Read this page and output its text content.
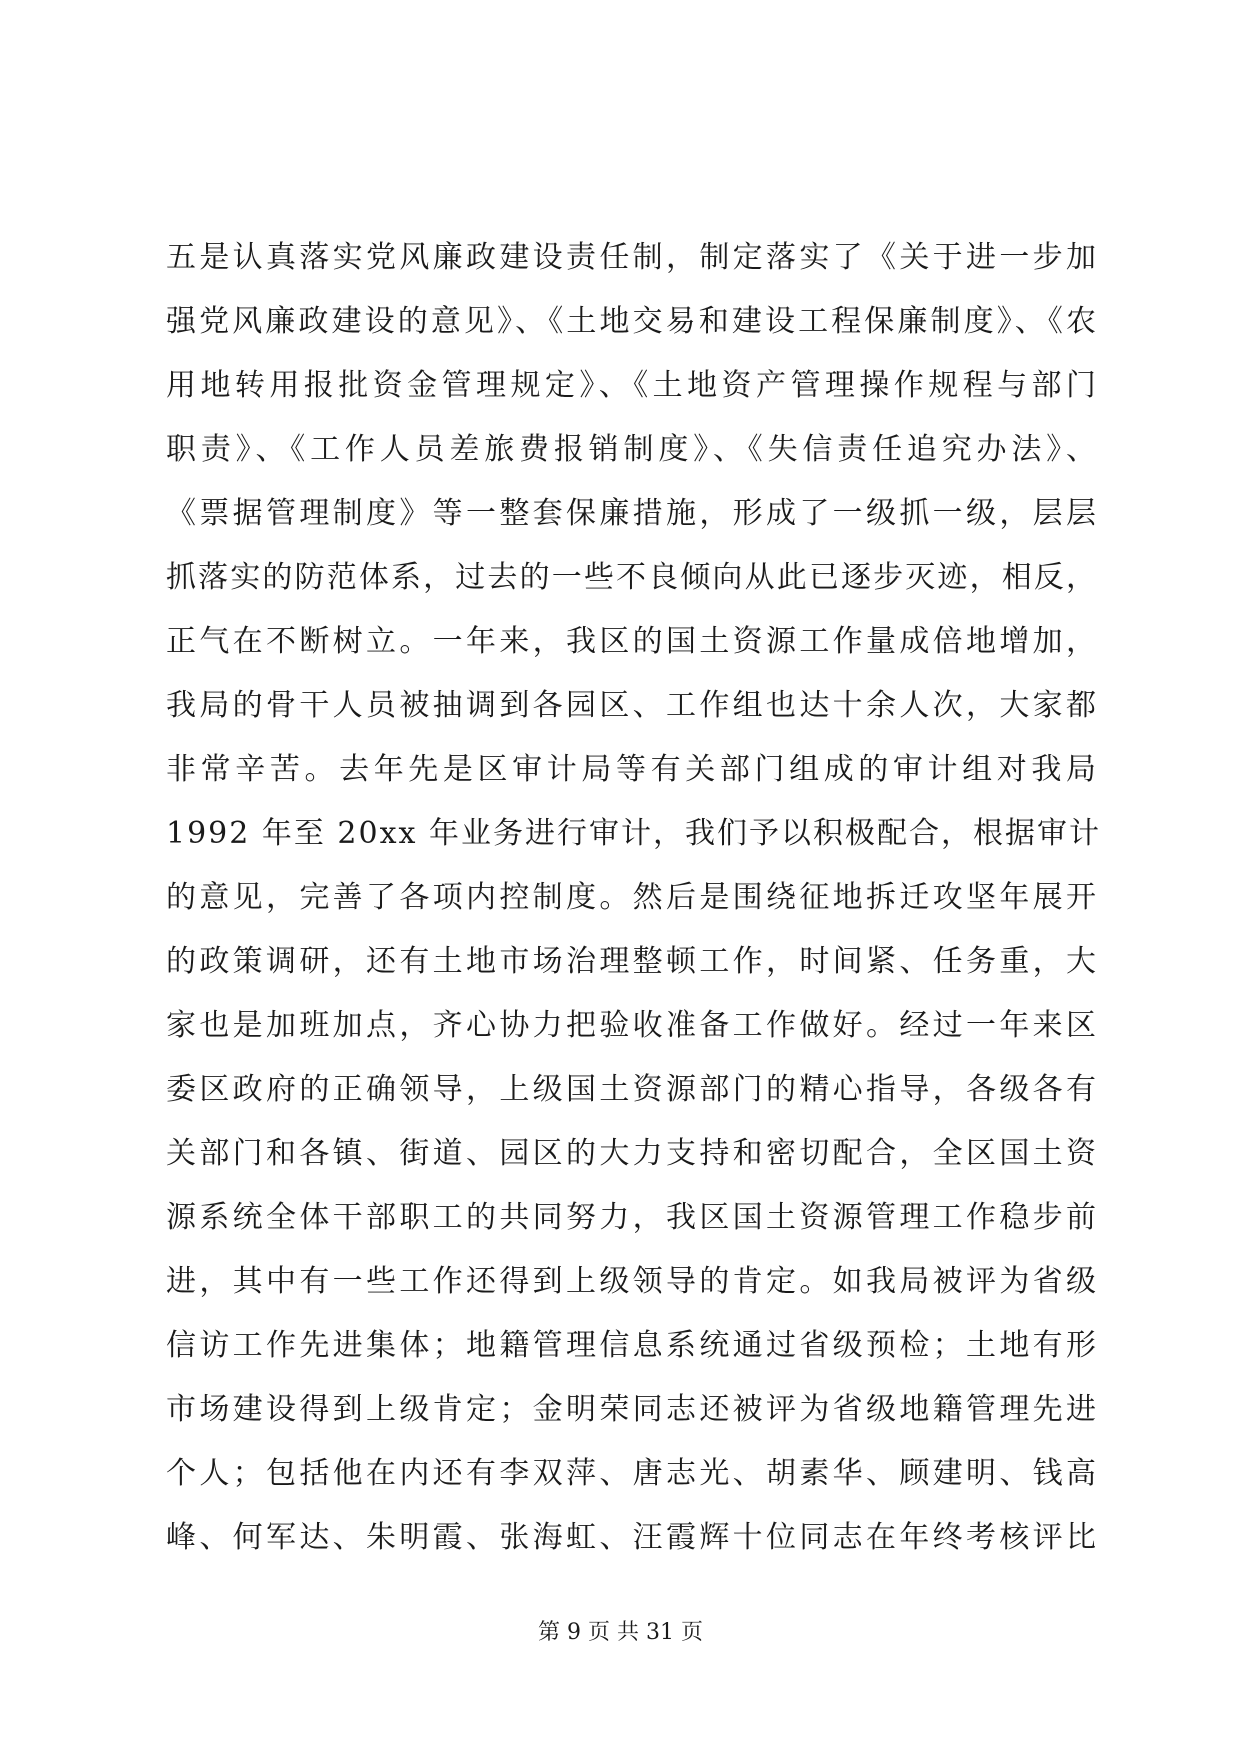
五是认真落实党风廉政建设责任制，制定落实了《关于进一步加
强党风廉政建设的意见》、《土地交易和建设工程保廉制度》、《农
用地转用报批资金管理规定》、《土地资产管理操作规程与部门
职责》、《工作人员差旅费报销制度》、《失信责任追究办法》、
《票据管理制度》等一整套保廉措施，形成了一级抓一级，层层
抓落实的防范体系，过去的一些不良倾向从此已逐步灭迹，相反，
正气在不断树立。一年来，我区的国土资源工作量成倍地增加，
我局的骨干人员被抽调到各园区、工作组也达十余人次，大家都
非常辛苦。去年先是区审计局等有关部门组成的审计组对我局
1992 年至 20xx 年业务进行审计，我们予以积极配合，根据审计
的意见，完善了各项内控制度。然后是围绕征地拆迁攻坚年展开
的政策调研，还有土地市场治理整顿工作，时间紧、任务重，大
家也是加班加点，齐心协力把验收准备工作做好。经过一年来区
委区政府的正确领导，上级国土资源部门的精心指导，各级各有
关部门和各镇、街道、园区的大力支持和密切配合，全区国土资
源系统全体干部职工的共同努力，我区国土资源管理工作稳步前
进，其中有一些工作还得到上级领导的肯定。如我局被评为省级
信访工作先进集体；地籍管理信息系统通过省级预检；土地有形
市场建设得到上级肯定；金明荣同志还被评为省级地籍管理先进
个人；包括他在内还有李双萍、唐志光、胡素华、顾建明、钱高
峰、何军达、朱明霞、张海虹、汪霞辉十位同志在年终考核评比
第 9 页 共 31 页
